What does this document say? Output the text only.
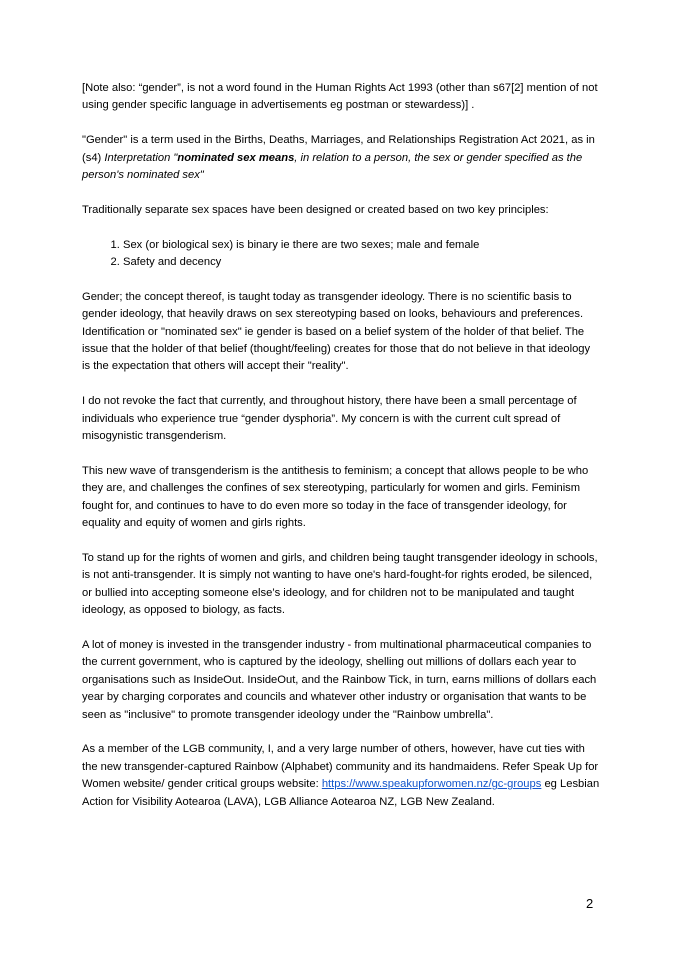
[Note also: “gender”, is not a word found in the Human Rights Act 1993 (other than s67[2] mention of not using gender specific language in advertisements eg postman or stewardess)] .

"Gender" is a term used in the Births, Deaths, Marriages, and Relationships Registration Act 2021, as in (s4) Interpretation "nominated sex means, in relation to a person, the sex or gender specified as the person's nominated sex"

Traditionally separate sex spaces have been designed or created based on two key principles:

1. Sex (or biological sex) is binary ie there are two sexes; male and female
2. Safety and decency

Gender; the concept thereof, is taught today as transgender ideology. There is no scientific basis to gender ideology, that heavily draws on sex stereotyping based on looks, behaviours and preferences. Identification or "nominated sex" ie gender is based on a belief system of the holder of that belief. The issue that the holder of that belief (thought/feeling) creates for those that do not believe in that ideology is the expectation that others will accept their "reality".

I do not revoke the fact that currently, and throughout history, there have been a small percentage of individuals who experience true “gender dysphoria”. My concern is with the current cult spread of misogynistic transgenderism.

This new wave of transgenderism is the antithesis to feminism; a concept that allows people to be who they are, and challenges the confines of sex stereotyping, particularly for women and girls. Feminism fought for, and continues to have to do even more so today in the face of transgender ideology, for equality and equity of women and girls rights.

To stand up for the rights of women and girls, and children being taught transgender ideology in schools, is not anti-transgender. It is simply not wanting to have one's hard-fought-for rights eroded, be silenced, or bullied into accepting someone else’s ideology, and for children not to be manipulated and taught ideology, as opposed to biology, as facts.

A lot of money is invested in the transgender industry - from multinational pharmaceutical companies to the current government, who is captured by the ideology, shelling out millions of dollars each year to organisations such as InsideOut. InsideOut, and the Rainbow Tick, in turn, earns millions of dollars each year by charging corporates and councils and whatever other industry or organisation that wants to be seen as "inclusive" to promote transgender ideology under the "Rainbow umbrella".

As a member of the LGB community, I, and a very large number of others, however, have cut ties with the new transgender-captured Rainbow (Alphabet) community and its handmaidens. Refer Speak Up for Women website/ gender critical groups website: https://www.speakupforwomen.nz/gc-groups eg Lesbian Action for Visibility Aotearoa (LAVA), LGB Alliance Aotearoa NZ, LGB New Zealand.

2
